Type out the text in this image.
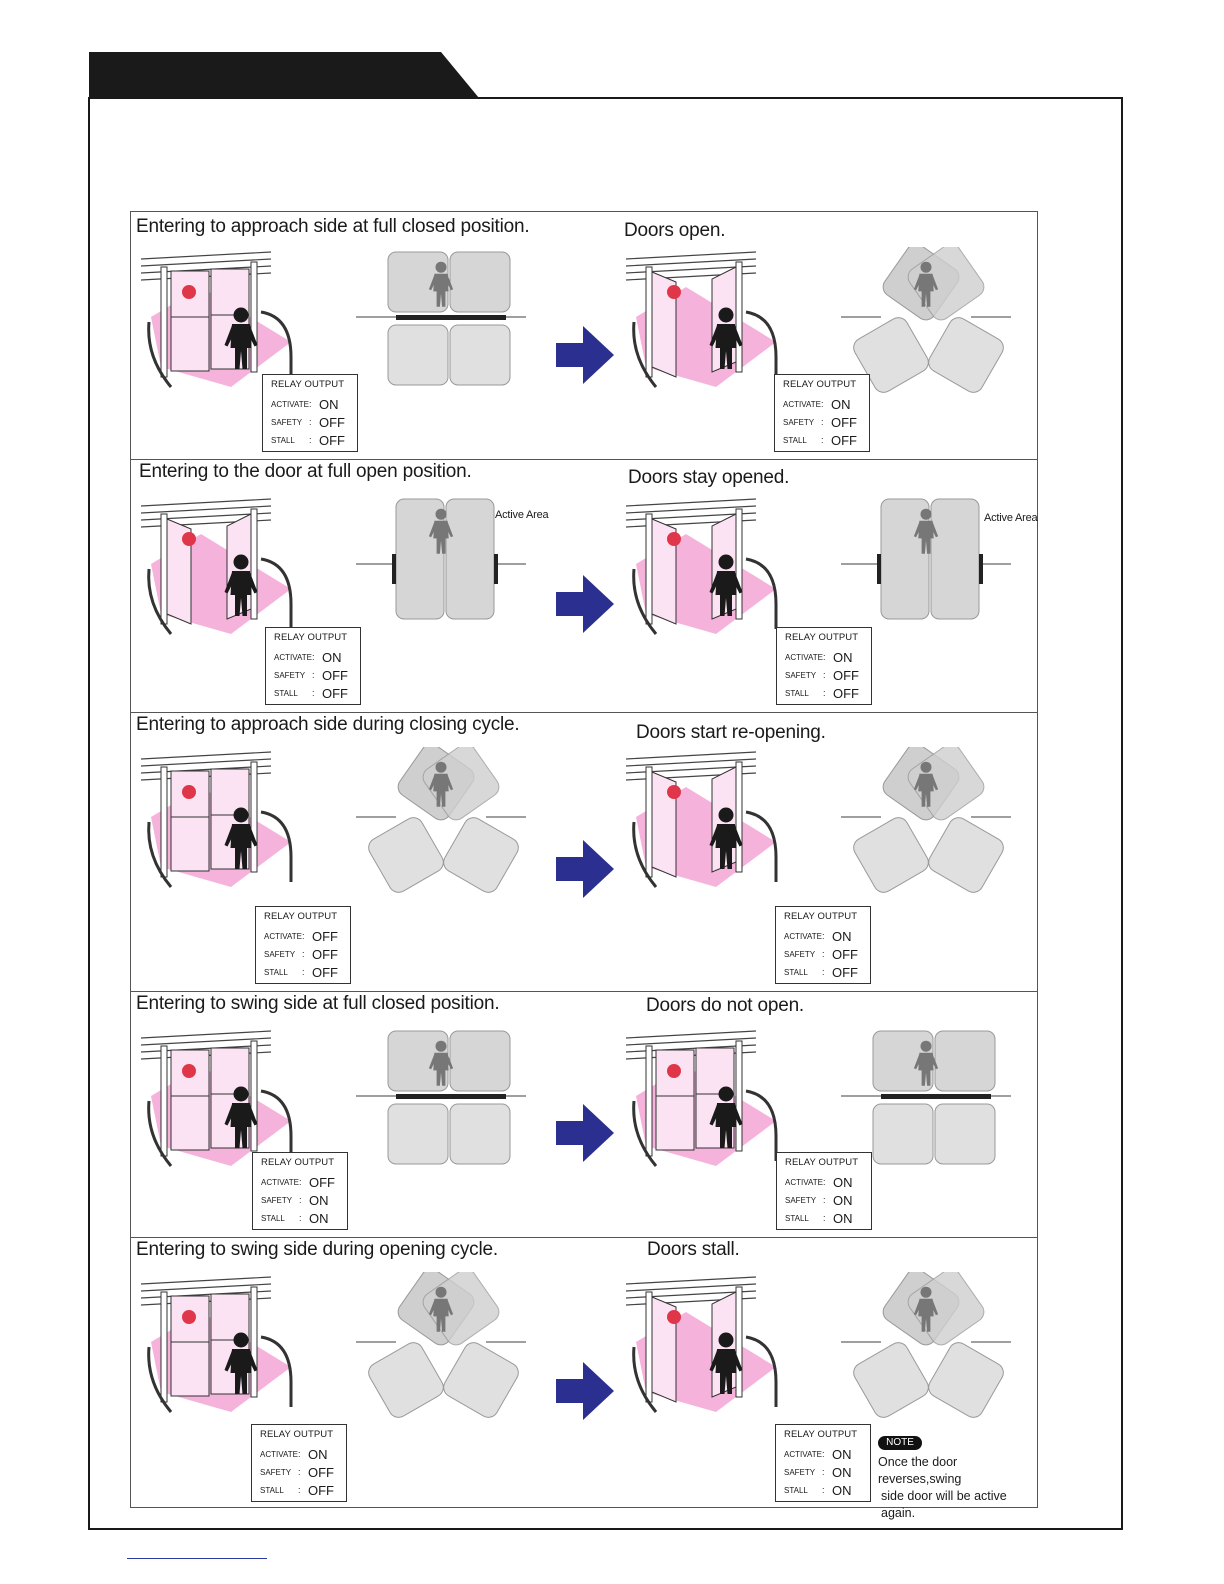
Entering to approach side at full closed position.	Doors open.
RELAY OUTPUT
ACTIVATE : ON
SAFETY : OFF
STALL : OFF
RELAY OUTPUT
ACTIVATE : ON
SAFETY : OFF
STALL : OFF
Entering to the door at full open position.	Doors stay opened.
Active Area	Active Area
RELAY OUTPUT
ACTIVATE : ON
SAFETY : OFF
STALL : OFF
RELAY OUTPUT
ACTIVATE : ON
SAFETY : OFF
STALL : OFF
Entering to approach side during closing cycle.	Doors start re-opening.
RELAY OUTPUT
ACTIVATE : OFF
SAFETY : OFF
STALL : OFF
RELAY OUTPUT
ACTIVATE : ON
SAFETY : OFF
STALL : OFF
Entering to swing side at full closed position.	Doors do not open.
RELAY OUTPUT
ACTIVATE : OFF
SAFETY : ON
STALL : ON
RELAY OUTPUT
ACTIVATE : ON
SAFETY : ON
STALL : ON
Entering to swing side during opening cycle.	Doors stall.
RELAY OUTPUT
ACTIVATE : ON
SAFETY : OFF
STALL : OFF
RELAY OUTPUT
ACTIVATE : ON
SAFETY : ON
STALL : ON
NOTE
Once the door reverses,swing
side door will be active again.
